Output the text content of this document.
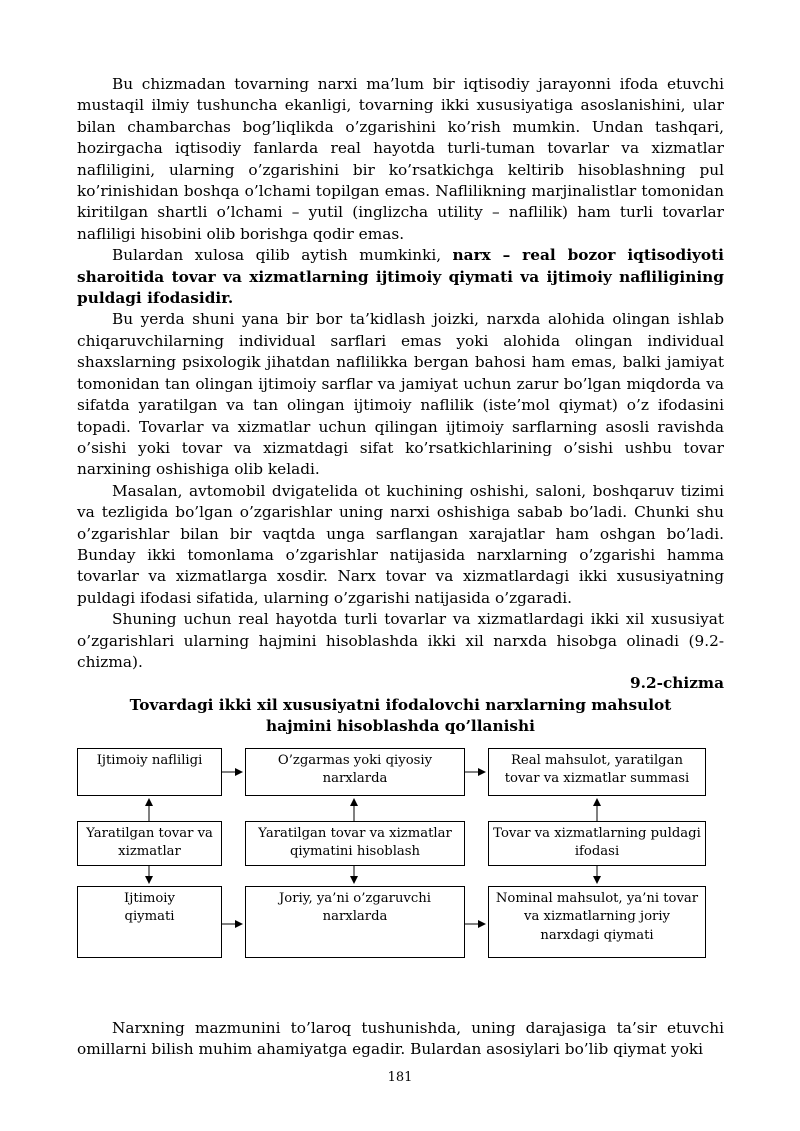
Bu chizmadan tovarning narxi ma’lum bir iqtisodiy jarayonni ifoda etuvchi mustaqil ilmiy tushuncha ekanligi, tovarning ikki xususiyatiga asoslanishini, ular bilan chambarchas bog’liqlikda o’zgarishini ko’rish mumkin. Undan tashqari, hozirgacha iqtisodiy fanlarda real hayotda turli-tuman tovarlar va xizmatlar nafliligini, ularning o’zgarishini bir ko’rsatkichga keltirib hisoblashning pul ko’rinishidan boshqa o’lchami topilgan emas. Naflilikning marjinalistlar tomonidan kiritilgan shartli o’lchami – yutil (inglizcha utility – naflilik) ham turli tovarlar nafliligi hisobini olib borishga qodir emas.

Bulardan xulosa qilib aytish mumkinki, narx – real bozor iqtisodiyoti sharoitida tovar va xizmatlarning ijtimoiy qiymati va ijtimoiy nafliligining puldagi ifodasidir.

Bu yerda shuni yana bir bor ta’kidlash joizki, narxda alohida olingan ishlab chiqaruvchilarning individual sarflari emas yoki alohida olingan individual shaxslarning psixologik jihatdan naflilikka bergan bahosi ham emas, balki jamiyat tomonidan tan olingan ijtimoiy sarflar va jamiyat uchun zarur bo’lgan miqdorda va sifatda yaratilgan va tan olingan ijtimoiy naflilik (iste’mol qiymat) o’z ifodasini topadi. Tovarlar va xizmatlar uchun qilingan ijtimoiy sarflarning asosli ravishda o’sishi yoki tovar va xizmatdagi sifat ko’rsatkichlarining o’sishi ushbu tovar narxining oshishiga olib keladi.

Masalan, avtomobil dvigatelida ot kuchining oshishi, saloni, boshqaruv tizimi va tezligida bo’lgan o’zgarishlar uning narxi oshishiga sabab bo’ladi. Chunki shu o’zgarishlar bilan bir vaqtda unga sarflangan xarajatlar ham oshgan bo’ladi. Bunday ikki tomonlama o’zgarishlar natijasida narxlarning o’zgarishi hamma tovarlar va xizmatlarga xosdir. Narx tovar va xizmatlardagi ikki xususiyatning puldagi ifodasi sifatida, ularning o’zgarishi natijasida o’zgaradi.

Shuning uchun real hayotda turli tovarlar va xizmatlardagi ikki xil xususiyat o’zgarishlari ularning hajmini hisoblashda ikki xil narxda hisobga olinadi (9.2-chizma).

9.2-chizma

Tovardagi ikki xil xususiyatni ifodalovchi narxlarning mahsulot hajmini hisoblashda qo’llanishi

Ijtimoiy nafliligi	O’zgarmas yoki qiyosiy narxlarda
Real mahsulot, yaratilgan tovar va xizmatlar summasi
Yaratilgan tovar va xizmatlar
Yaratilgan tovar va xizmatlar qiymatini hisoblash
Tovar va xizmatlarning puldagi ifodasi
Ijtimoiy qiymati
Joriy, ya’ni o’zgaruvchi narxlarda
Nominal mahsulot, ya’ni tovar va xizmatlarning joriy narxdagi qiymati

Narxning mazmunini to’laroq tushunishda, uning darajasiga ta’sir etuvchi omillarni bilish muhim ahamiyatga egadir. Bulardan asosiylari bo’lib qiymat yoki

181
